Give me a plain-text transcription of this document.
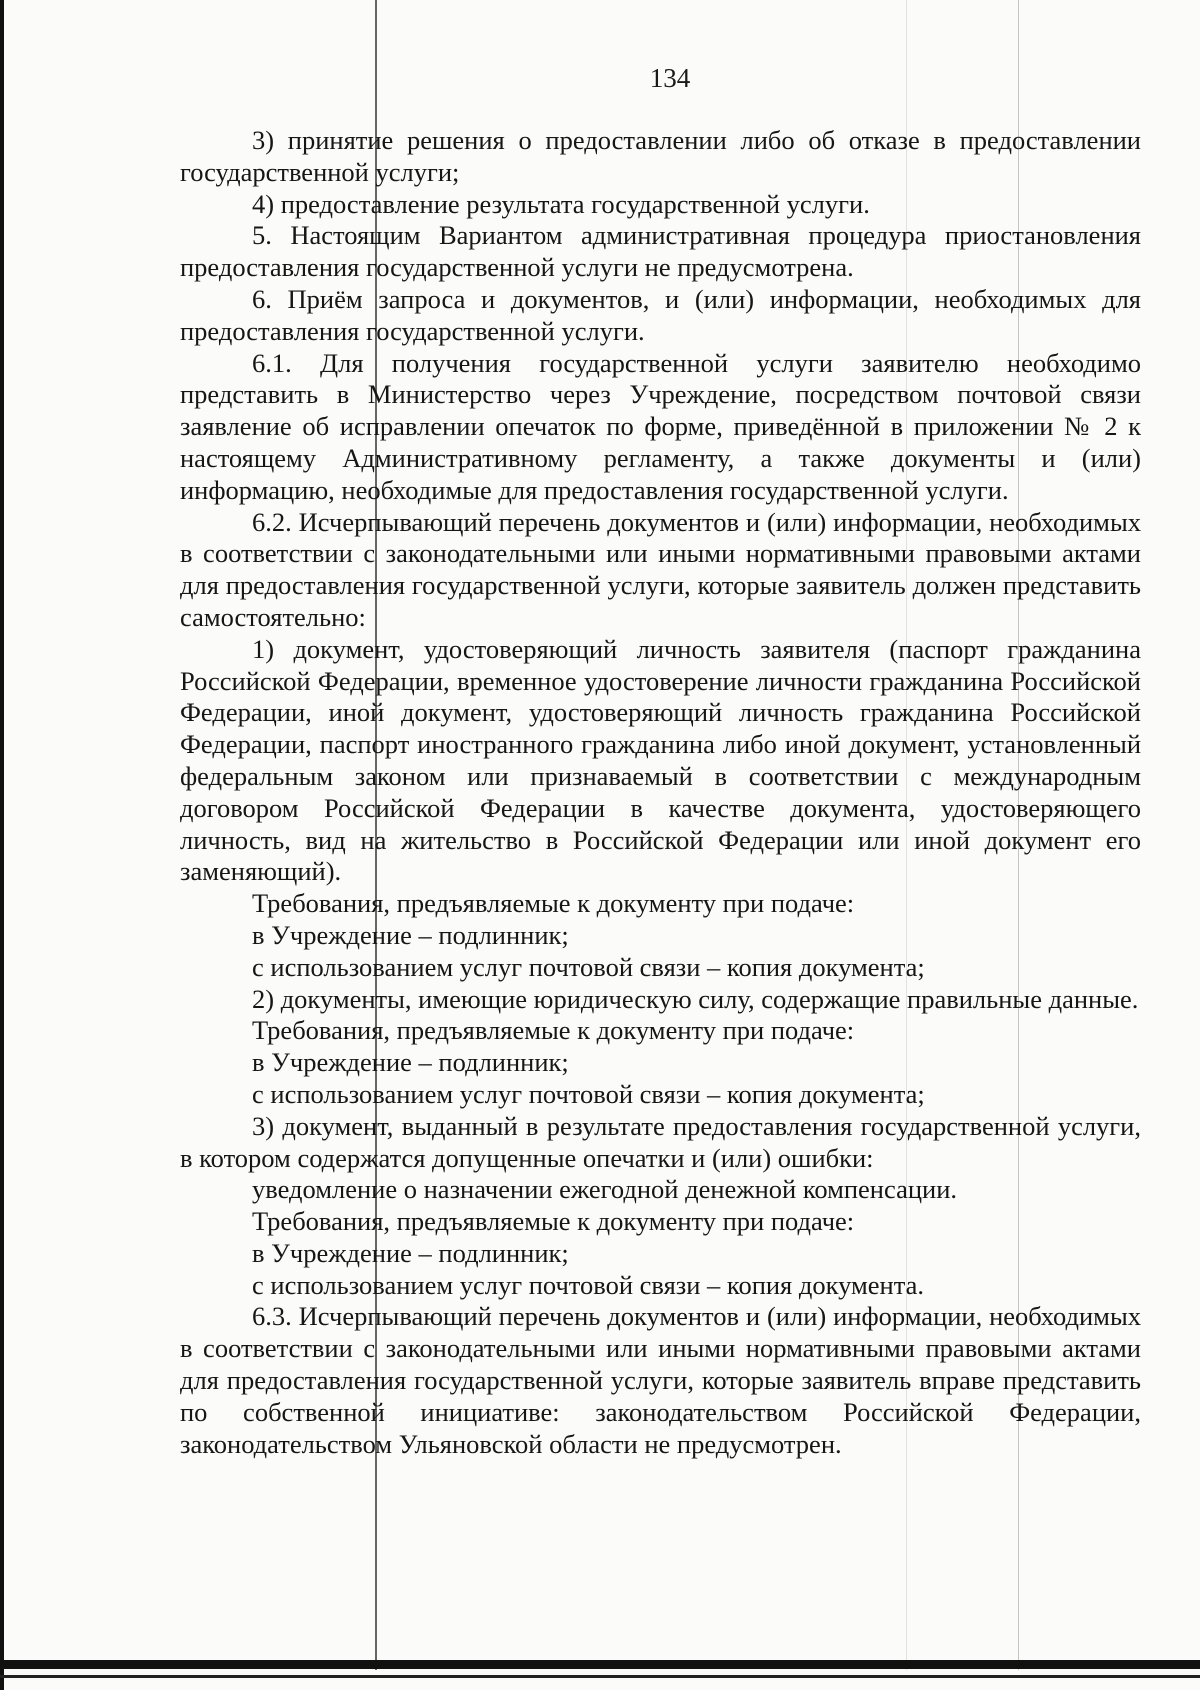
134

3) принятие решения о предоставлении либо об отказе в предоставлении государственной услуги;

4) предоставление результата государственной услуги.

5. Настоящим Вариантом административная процедура приостановления предоставления государственной услуги не предусмотрена.

6. Приём запроса и документов, и (или) информации, необходимых для предоставления государственной услуги.

6.1. Для получения государственной услуги заявителю необходимо представить в Министерство через Учреждение, посредством почтовой связи заявление об исправлении опечаток по форме, приведённой в приложении № 2 к настоящему Административному регламенту, а также документы и (или) информацию, необходимые для предоставления государственной услуги.

6.2. Исчерпывающий перечень документов и (или) информации, необходимых в соответствии с законодательными или иными нормативными правовыми актами для предоставления государственной услуги, которые заявитель должен представить самостоятельно:

1) документ, удостоверяющий личность заявителя (паспорт гражданина Российской Федерации, временное удостоверение личности гражданина Российской Федерации, иной документ, удостоверяющий личность гражданина Российской Федерации, паспорт иностранного гражданина либо иной документ, установленный федеральным законом или признаваемый в соответствии с международным договором Российской Федерации в качестве документа, удостоверяющего личность, вид на жительство в Российской Федерации или иной документ его заменяющий).

Требования, предъявляемые к документу при подаче:

в Учреждение – подлинник;

с использованием услуг почтовой связи – копия документа;

2) документы, имеющие юридическую силу, содержащие правильные данные.

Требования, предъявляемые к документу при подаче:

в Учреждение – подлинник;

с использованием услуг почтовой связи – копия документа;

3) документ, выданный в результате предоставления государственной услуги, в котором содержатся допущенные опечатки и (или) ошибки:

уведомление о назначении ежегодной денежной компенсации.

Требования, предъявляемые к документу при подаче:

в Учреждение – подлинник;

с использованием услуг почтовой связи – копия документа.

6.3. Исчерпывающий перечень документов и (или) информации, необходимых в соответствии с законодательными или иными нормативными правовыми актами для предоставления государственной услуги, которые заявитель вправе представить по собственной инициативе: законодательством Российской Федерации, законодательством Ульяновской области не предусмотрен.
